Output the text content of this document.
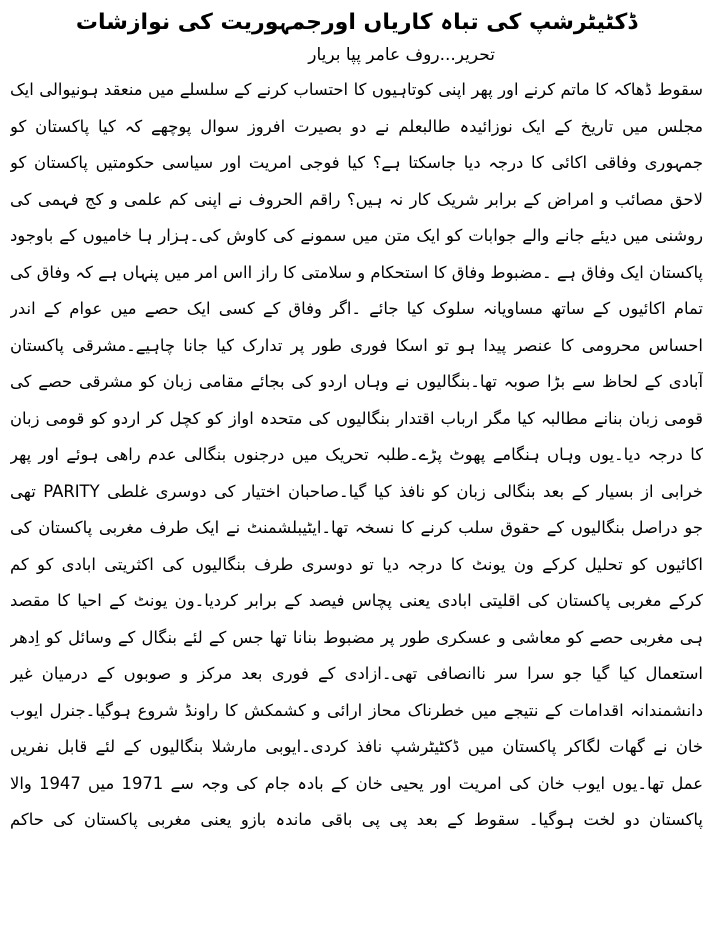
ڈکٹیٹرشپ کی تباہ کاریاں اورجمہوریت کی نوازشات
تحریر...روف عامر پپا بریار
سقوط ڈھاکہ کا ماتم کرنے اور پھر اپنی کوتاہیوں کا احتساب کرنے کے سلسلے میں منعقد ہونیوالی ایک
مجلس میں تاریخ کے ایک نوزائیدہ طالبعلم نے دو بصیرت افروز سوال پوچھے کہ کیا پاکستان کو
جمہوری وفاقی اکائی کا درجہ دیا جاسکتا ہے؟ کیا فوجی امریت اور سیاسی حکومتیں پاکستان کو
لاحق مصائب و امراض کے برابر شریک کار نہ ہیں؟ راقم الحروف نے اپنی کم علمی و کج فہمی کی
روشنی میں دیئے جانے والے جوابات کو ایک متن میں سمونے کی کاوش کی۔ہزار ہا خامیوں کے باوجود
پاکستان ایک وفاق ہے ۔مضبوط وفاق کا استحکام و سلامتی کا راز ااس امر میں پنہاں ہے کہ وفاق کی
تمام اکائیوں کے ساتھ مساویانہ سلوک کیا جائے ۔اگر وفاق کے کسی ایک حصے میں عوام کے اندر
احساس محرومی کا عنصر پیدا ہو تو اسکا فوری طور پر تدارک کیا جانا چاہیے۔مشرقی پاکستان
آبادی کے لحاظ سے بڑا صوبہ تھا۔بنگالیوں نے وہاں اردو کی بجائے مقامی زبان کو مشرقی حصے کی
قومی زبان بنانے مطالبہ کیا مگر ارباب اقتدار بنگالیوں کی متحدہ اواز کو کچل کر اردو کو قومی زبان
کا درجہ دیا۔یوں وہاں ہنگامے پھوٹ پڑے۔طلبہ تحریک میں درجنوں بنگالی عدم راھی ہوئے اور پھر
خرابی از بسیار کے بعد بنگالی زبان کو نافذ کیا گیا۔صاحبان اختیار کی دوسری غلطی PARITY تھی
جو دراصل بنگالیوں کے حقوق سلب کرنے کا نسخہ تھا۔ایٹیبلشمنٹ نے ایک طرف مغربی پاکستان کی
اکائیوں کو تحلیل کرکے ون یونٹ کا درجہ دیا تو دوسری طرف بنگالیوں کی اکثریتی ابادی کو کم
کرکے مغربی پاکستان کی اقلیتی ابادی یعنی پچاس فیصد کے برابر کردیا۔ون یونٹ کے احیا کا مقصد
ہی مغربی حصے کو معاشی و عسکری طور پر مضبوط بنانا تھا جس کے لئے بنگال کے وسائل کو اِدھر
استعمال کیا گیا جو سرا سر ناانصافی تھی۔ازادی کے فوری بعد مرکز و صوبوں کے درمیان غیر
دانشمندانہ اقدامات کے نتیجے میں خطرناک محاز ارائی و کشمکش کا راونڈ شروع ہوگیا۔جنرل ایوب
خان نے گھات لگاکر پاکستان میں ڈکٹیٹرشپ نافذ کردی۔ایوبی مارشلا بنگالیوں کے لئے قابل نفریں
عمل تھا۔یوں ایوب خان کی امریت اور یحیی خان کے بادہ جام کی وجہ سے 1971 میں 1947 والا
پاکستان دو لخت ہوگیا۔ سقوط کے بعد پی پی باقی ماندہ بازو یعنی مغربی پاکستان کی حاکم
